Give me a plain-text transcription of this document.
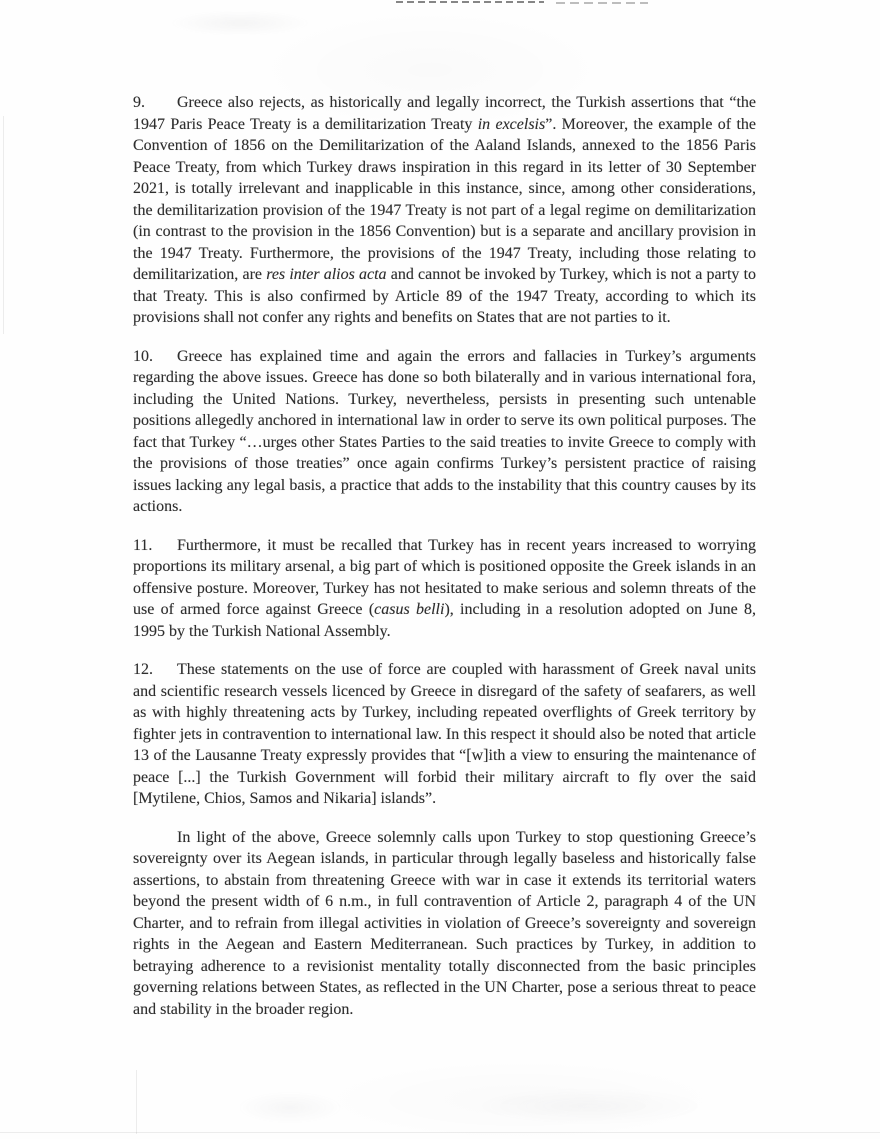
9. Greece also rejects, as historically and legally incorrect, the Turkish assertions that “the 1947 Paris Peace Treaty is a demilitarization Treaty in excelsis”. Moreover, the example of the Convention of 1856 on the Demilitarization of the Aaland Islands, annexed to the 1856 Paris Peace Treaty, from which Turkey draws inspiration in this regard in its letter of 30 September 2021, is totally irrelevant and inapplicable in this instance, since, among other considerations, the demilitarization provision of the 1947 Treaty is not part of a legal regime on demilitarization (in contrast to the provision in the 1856 Convention) but is a separate and ancillary provision in the 1947 Treaty. Furthermore, the provisions of the 1947 Treaty, including those relating to demilitarization, are res inter alios acta and cannot be invoked by Turkey, which is not a party to that Treaty. This is also confirmed by Article 89 of the 1947 Treaty, according to which its provisions shall not confer any rights and benefits on States that are not parties to it.

10. Greece has explained time and again the errors and fallacies in Turkey’s arguments regarding the above issues. Greece has done so both bilaterally and in various international fora, including the United Nations. Turkey, nevertheless, persists in presenting such untenable positions allegedly anchored in international law in order to serve its own political purposes. The fact that Turkey “…urges other States Parties to the said treaties to invite Greece to comply with the provisions of those treaties” once again confirms Turkey’s persistent practice of raising issues lacking any legal basis, a practice that adds to the instability that this country causes by its actions.

11. Furthermore, it must be recalled that Turkey has in recent years increased to worrying proportions its military arsenal, a big part of which is positioned opposite the Greek islands in an offensive posture. Moreover, Turkey has not hesitated to make serious and solemn threats of the use of armed force against Greece (casus belli), including in a resolution adopted on June 8, 1995 by the Turkish National Assembly.

12. These statements on the use of force are coupled with harassment of Greek naval units and scientific research vessels licenced by Greece in disregard of the safety of seafarers, as well as with highly threatening acts by Turkey, including repeated overflights of Greek territory by fighter jets in contravention to international law. In this respect it should also be noted that article 13 of the Lausanne Treaty expressly provides that “[w]ith a view to ensuring the maintenance of peace [...] the Turkish Government will forbid their military aircraft to fly over the said [Mytilene, Chios, Samos and Nikaria] islands”.

In light of the above, Greece solemnly calls upon Turkey to stop questioning Greece’s sovereignty over its Aegean islands, in particular through legally baseless and historically false assertions, to abstain from threatening Greece with war in case it extends its territorial waters beyond the present width of 6 n.m., in full contravention of Article 2, paragraph 4 of the UN Charter, and to refrain from illegal activities in violation of Greece’s sovereignty and sovereign rights in the Aegean and Eastern Mediterranean. Such practices by Turkey, in addition to betraying adherence to a revisionist mentality totally disconnected from the basic principles governing relations between States, as reflected in the UN Charter, pose a serious threat to peace and stability in the broader region.
